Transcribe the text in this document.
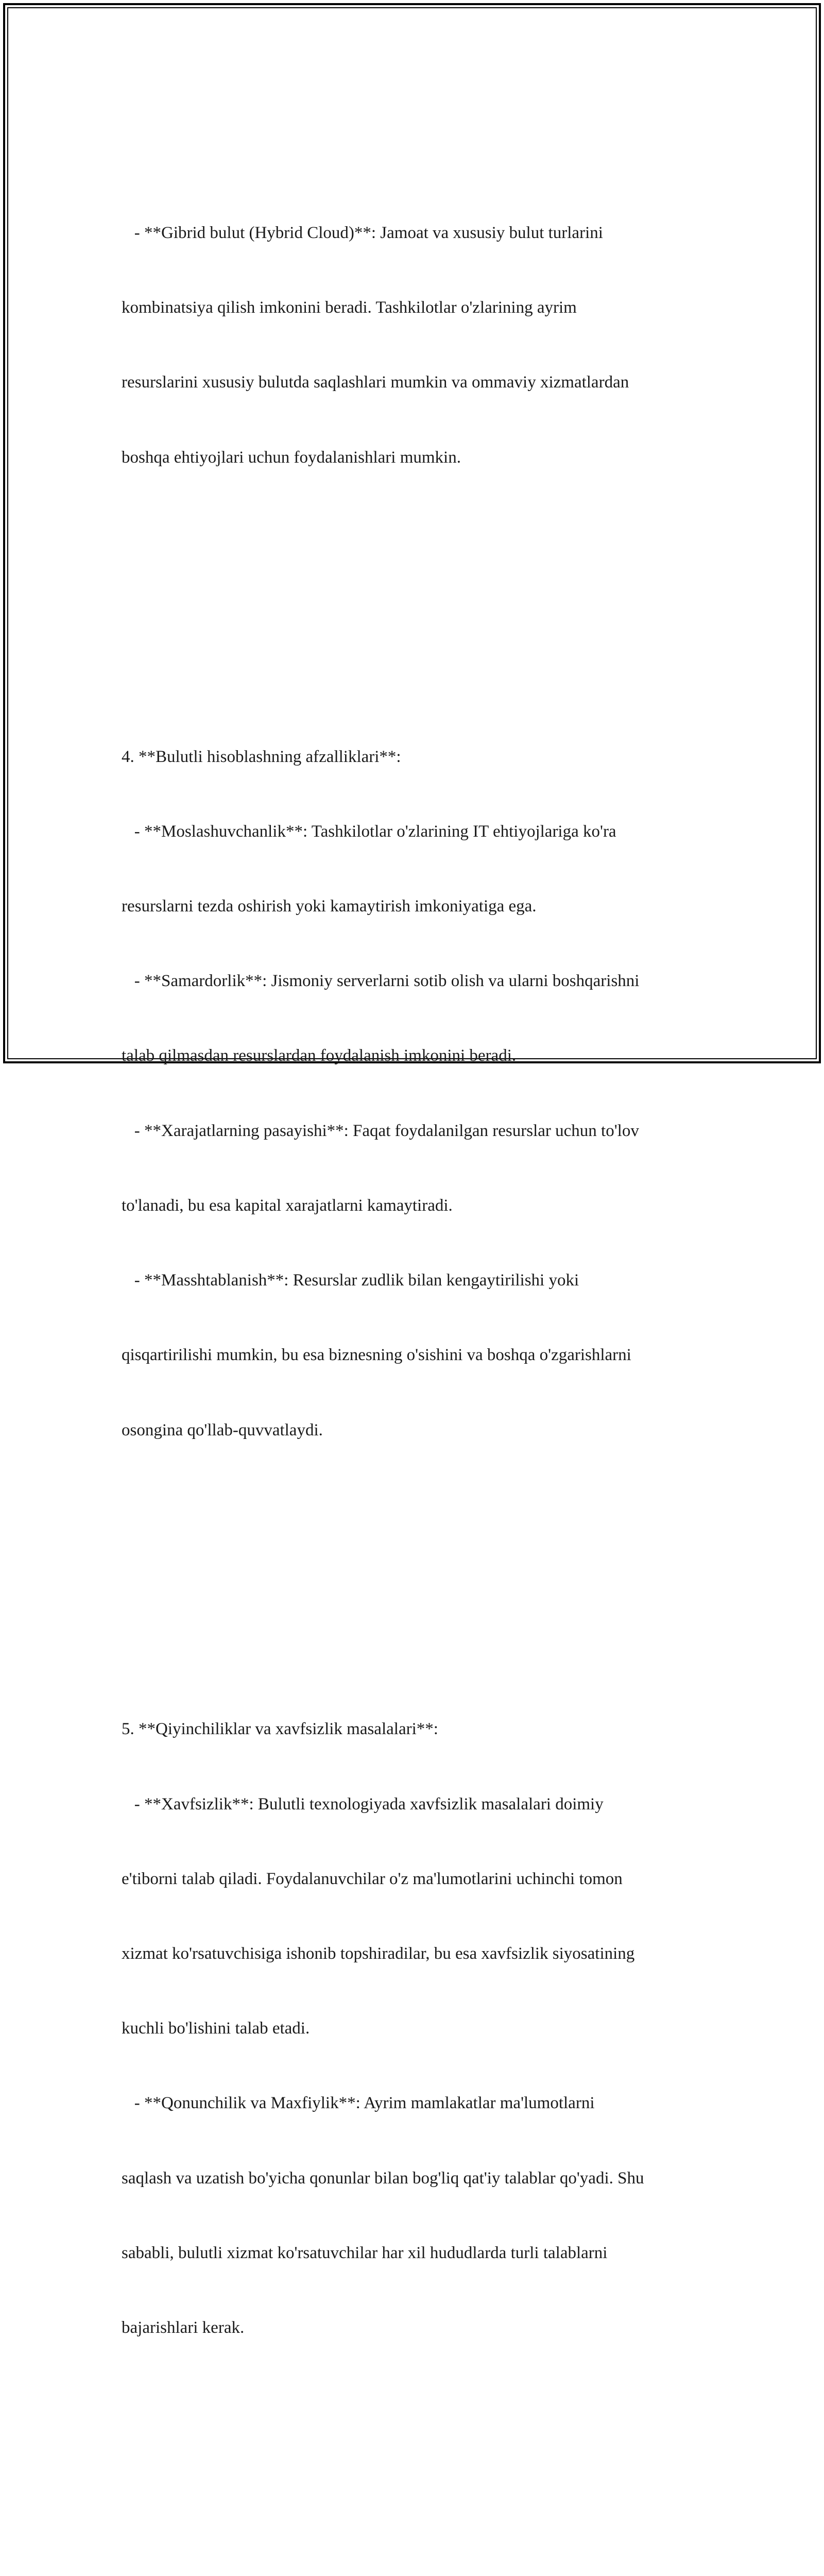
- **Gibrid bulut (Hybrid Cloud)**: Jamoat va xususiy bulut turlarini

kombinatsiya qilish imkonini beradi. Tashkilotlar o'zlarining ayrim

resurslarini xususiy bulutda saqlashlari mumkin va ommaviy xizmatlardan

boshqa ehtiyojlari uchun foydalanishlari mumkin.

4. **Bulutli hisoblashning afzalliklari**:

- **Moslashuvchanlik**: Tashkilotlar o'zlarining IT ehtiyojlariga ko'ra

resurslarni tezda oshirish yoki kamaytirish imkoniyatiga ega.

- **Samardorlik**: Jismoniy serverlarni sotib olish va ularni boshqarishni

talab qilmasdan resurslardan foydalanish imkonini beradi.

- **Xarajatlarning pasayishi**: Faqat foydalanilgan resurslar uchun to'lov

to'lanadi, bu esa kapital xarajatlarni kamaytiradi.

- **Masshtablanish**: Resurslar zudlik bilan kengaytirilishi yoki

qisqartirilishi mumkin, bu esa biznesning o'sishini va boshqa o'zgarishlarni

osongina qo'llab-quvvatlaydi.

5. **Qiyinchiliklar va xavfsizlik masalalari**:

- **Xavfsizlik**: Bulutli texnologiyada xavfsizlik masalalari doimiy

e'tiborni talab qiladi. Foydalanuvchilar o'z ma'lumotlarini uchinchi tomon

xizmat ko'rsatuvchisiga ishonib topshiradilar, bu esa xavfsizlik siyosatining

kuchli bo'lishini talab etadi.

- **Qonunchilik va Maxfiylik**: Ayrim mamlakatlar ma'lumotlarni

saqlash va uzatish bo'yicha qonunlar bilan bog'liq qat'iy talablar qo'yadi. Shu

sababli, bulutli xizmat ko'rsatuvchilar har xil hududlarda turli talablarni

bajarishlari kerak.
